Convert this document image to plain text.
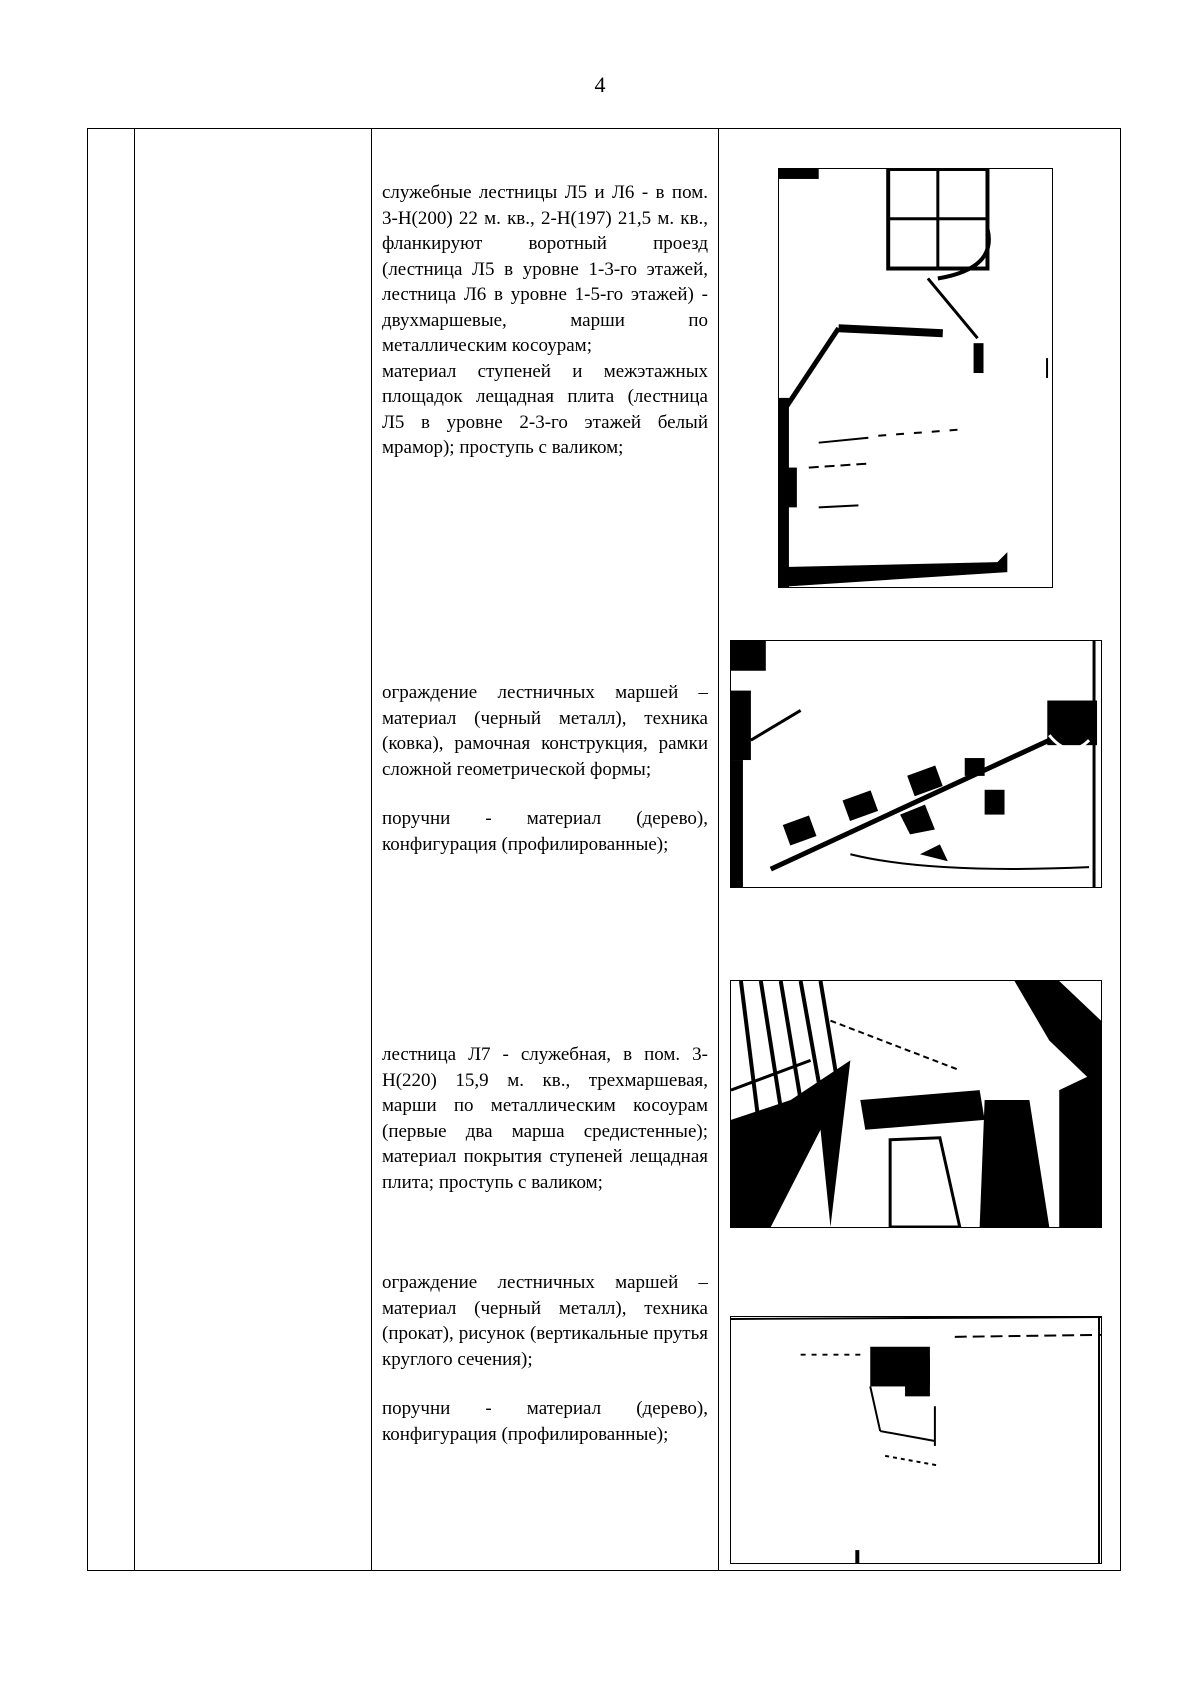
4

служебные лестницы Л5 и Л6 - в пом. 3-Н(200) 22 м. кв., 2-Н(197) 21,5 м. кв., фланкируют воротный проезд (лестница Л5 в уровне 1-3-го этажей, лестница Л6 в уровне 1-5-го этажей) - двухмаршевые, марши по металлическим косоурам;

материал ступеней и межэтажных площадок лещадная плита (лестница Л5 в уровне 2-3-го этажей белый мрамор); проступь с валиком;

ограждение лестничных маршей – материал (черный металл), техника (ковка), рамочная конструкция, рамки сложной геометрической формы;

поручни - материал (дерево), конфигурация (профилированные);

лестница Л7 - служебная, в пом. 3-Н(220) 15,9 м. кв., трехмаршевая, марши по металлическим косоурам (первые два марша средистенные); материал покрытия ступеней лещадная плита; проступь с валиком;

ограждение лестничных маршей – материал (черный металл), техника (прокат), рисунок (вертикальные прутья круглого сечения);

поручни - материал (дерево), конфигурация (профилированные);
